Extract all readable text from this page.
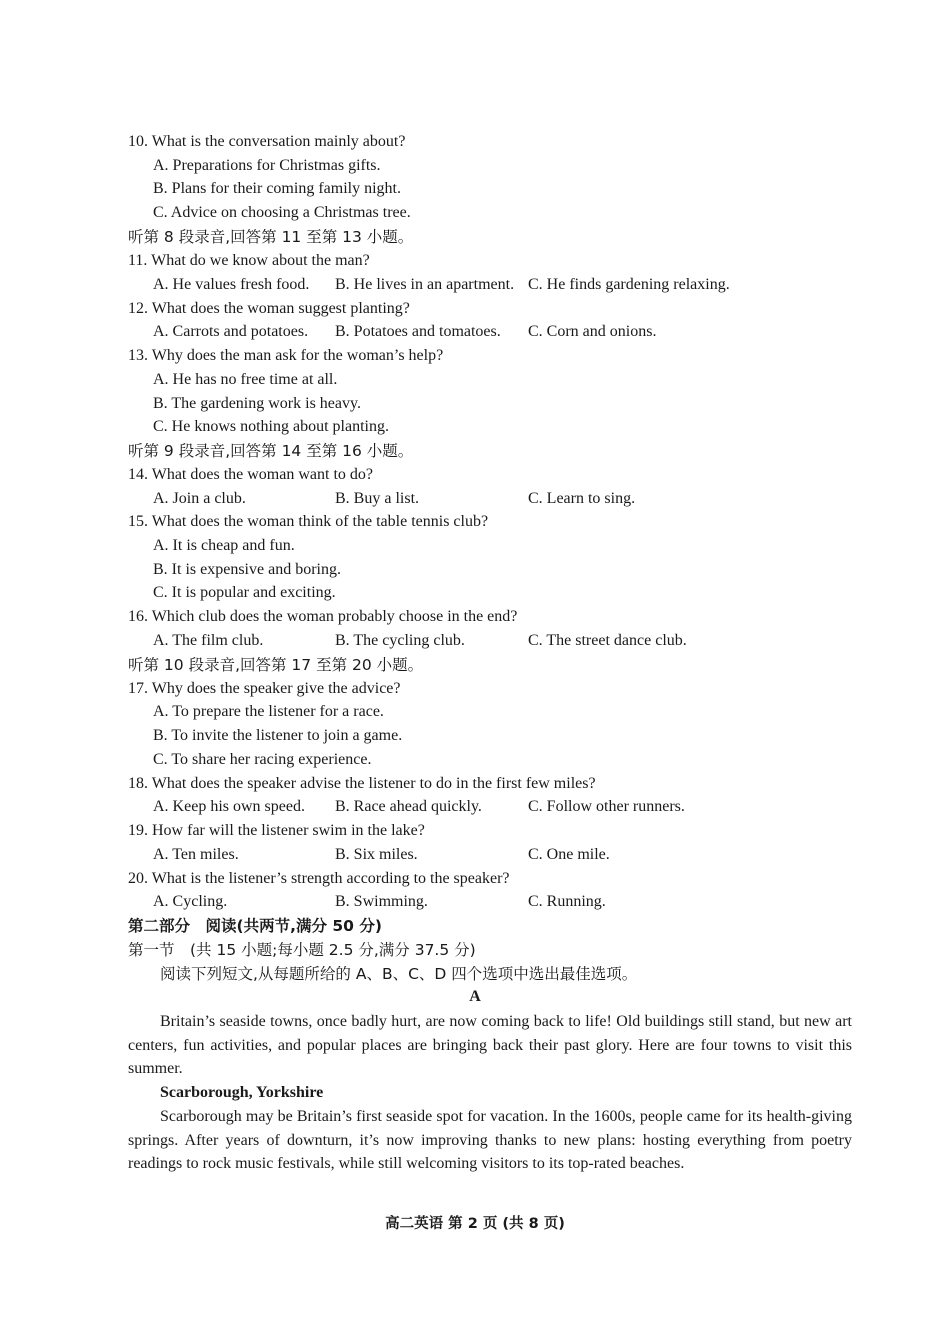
10. What is the conversation mainly about?
A. Preparations for Christmas gifts.
B. Plans for their coming family night.
C. Advice on choosing a Christmas tree.
听第 8 段录音,回答第 11 至第 13 小题。
11. What do we know about the man?
A. He values fresh food. B. He lives in an apartment. C. He finds gardening relaxing.
12. What does the woman suggest planting?
A. Carrots and potatoes. B. Potatoes and tomatoes. C. Corn and onions.
13. Why does the man ask for the woman’s help?
A. He has no free time at all.
B. The gardening work is heavy.
C. He knows nothing about planting.
听第 9 段录音,回答第 14 至第 16 小题。
14. What does the woman want to do?
A. Join a club.	B. Buy a list.	C. Learn to sing.
15. What does the woman think of the table tennis club?
A. It is cheap and fun.
B. It is expensive and boring.
C. It is popular and exciting.
16. Which club does the woman probably choose in the end?
A. The film club.	B. The cycling club.	C. The street dance club.
听第 10 段录音,回答第 17 至第 20 小题。
17. Why does the speaker give the advice?
A. To prepare the listener for a race.
B. To invite the listener to join a game.
C. To share her racing experience.
18. What does the speaker advise the listener to do in the first few miles?
A. Keep his own speed. B. Race ahead quickly.	C. Follow other runners.
19. How far will the listener swim in the lake?
A. Ten miles.	B. Six miles.	C. One mile.
20. What is the listener’s strength according to the speaker?
A. Cycling.	B. Swimming.	C. Running.
第二部分　阅读(共两节,满分 50 分)
第一节　(共 15 小题;每小题 2.5 分,满分 37.5 分)
阅读下列短文,从每题所给的 A、B、C、D 四个选项中选出最佳选项。
A
Britain’s seaside towns, once badly hurt, are now coming back to life! Old buildings still stand, but new art centers, fun activities, and popular places are bringing back their past glory. Here are four towns to visit this summer.
Scarborough, Yorkshire
Scarborough may be Britain’s first seaside spot for vacation. In the 1600s, people came for its health-giving springs. After years of downturn, it’s now improving thanks to new plans: hosting everything from poetry readings to rock music festivals, while still welcoming visitors to its top-rated beaches.
高二英语 第 2 页 (共 8 页)
